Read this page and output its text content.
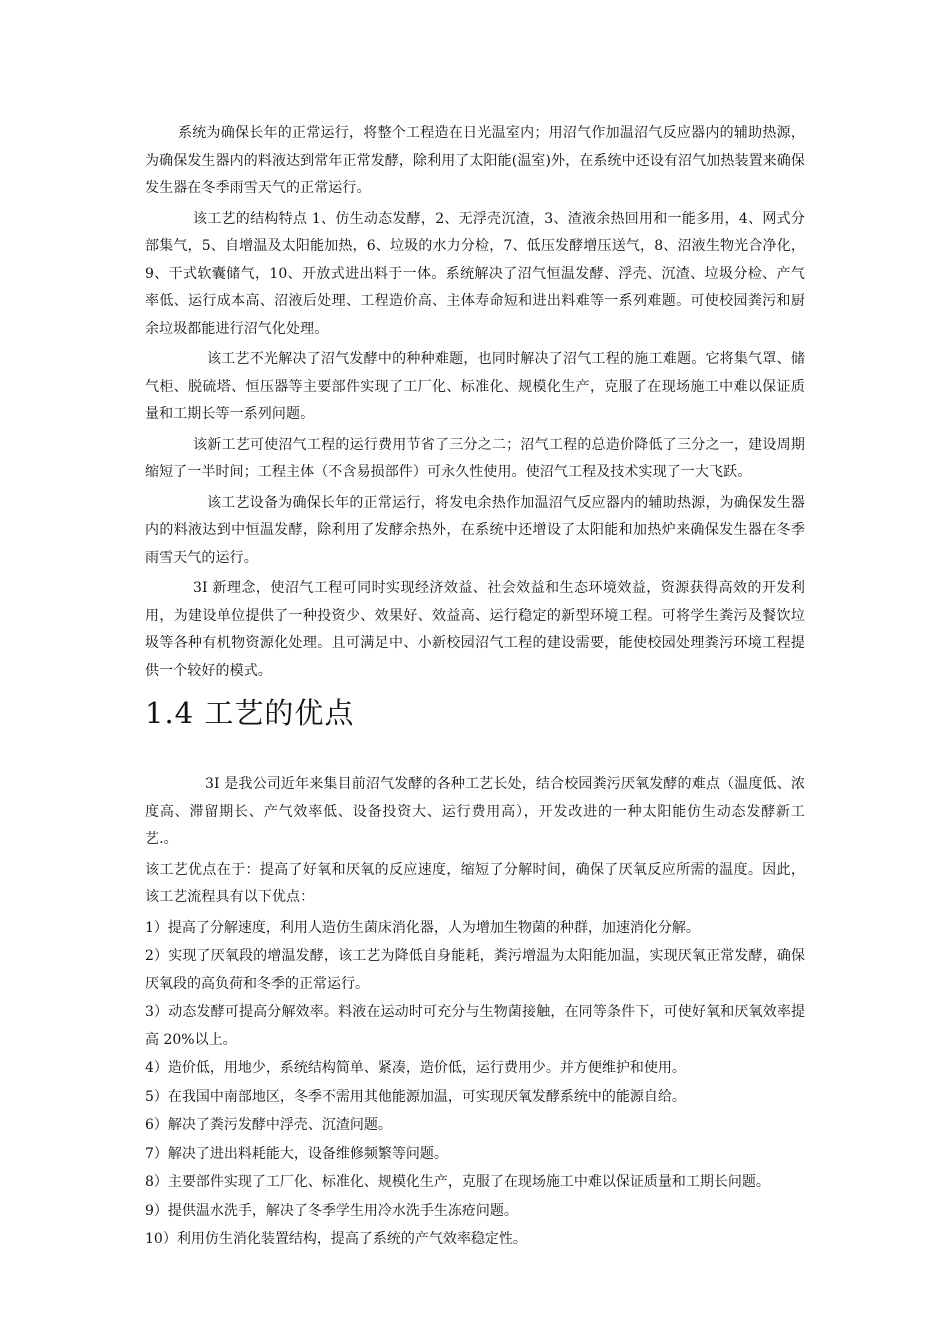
系统为确保长年的正常运行，将整个工程造在日光温室内；用沼气作加温沼气反应器内的辅助热源，为确保发生器内的料液达到常年正常发酵，除利用了太阳能(温室)外，在系统中还设有沼气加热装置来确保发生器在冬季雨雪天气的正常运行。

该工艺的结构特点 1、仿生动态发酵，2、无浮壳沉渣，3、渣液余热回用和一能多用，4、网式分部集气，5、自增温及太阳能加热，6、垃圾的水力分检，7、低压发酵增压送气，8、沼液生物光合净化，9、干式软囊储气，10、开放式进出料于一体。系统解决了沼气恒温发酵、浮壳、沉渣、垃圾分检、产气率低、运行成本高、沼液后处理、工程造价高、主体寿命短和进出料难等一系列难题。可使校园粪污和厨余垃圾都能进行沼气化处理。

该工艺不光解决了沼气发酵中的种种难题，也同时解决了沼气工程的施工难题。它将集气罩、储气柜、脱硫塔、恒压器等主要部件实现了工厂化、标准化、规模化生产，克服了在现场施工中难以保证质量和工期长等一系列问题。

该新工艺可使沼气工程的运行费用节省了三分之二；沼气工程的总造价降低了三分之一，建设周期缩短了一半时间；工程主体（不含易损部件）可永久性使用。使沼气工程及技术实现了一大飞跃。

该工艺设备为确保长年的正常运行，将发电余热作加温沼气反应器内的辅助热源，为确保发生器内的料液达到中恒温发酵，除利用了发酵余热外，在系统中还增设了太阳能和加热炉来确保发生器在冬季雨雪天气的运行。

3I 新理念，使沼气工程可同时实现经济效益、社会效益和生态环境效益，资源获得高效的开发利用，为建设单位提供了一种投资少、效果好、效益高、运行稳定的新型环境工程。可将学生粪污及餐饮垃圾等各种有机物资源化处理。且可满足中、小新校园沼气工程的建设需要，能使校园处理粪污环境工程提供一个较好的模式。

1.4 工艺的优点

3I 是我公司近年来集目前沼气发酵的各种工艺长处，结合校园粪污厌氧发酵的难点（温度低、浓度高、滞留期长、产气效率低、设备投资大、运行费用高），开发改进的一种太阳能仿生动态发酵新工艺.。

该工艺优点在于：提高了好氧和厌氧的反应速度，缩短了分解时间，确保了厌氧反应所需的温度。因此，该工艺流程具有以下优点：

1）提高了分解速度，利用人造仿生菌床消化器，人为增加生物菌的种群，加速消化分解。
2）实现了厌氧段的增温发酵，该工艺为降低自身能耗，粪污增温为太阳能加温，实现厌氧正常发酵，确保厌氧段的高负荷和冬季的正常运行。
3）动态发酵可提高分解效率。料液在运动时可充分与生物菌接触，在同等条件下，可使好氧和厌氧效率提高 20%以上。
4）造价低，用地少，系统结构简单、紧凑，造价低，运行费用少。并方便维护和使用。
5）在我国中南部地区，冬季不需用其他能源加温，可实现厌氧发酵系统中的能源自给。
6）解决了粪污发酵中浮壳、沉渣问题。
7）解决了进出料耗能大，设备维修频繁等问题。
8）主要部件实现了工厂化、标准化、规模化生产，克服了在现场施工中难以保证质量和工期长问题。
9）提供温水洗手，解决了冬季学生用冷水洗手生冻疮问题。
10）利用仿生消化装置结构，提高了系统的产气效率稳定性。
